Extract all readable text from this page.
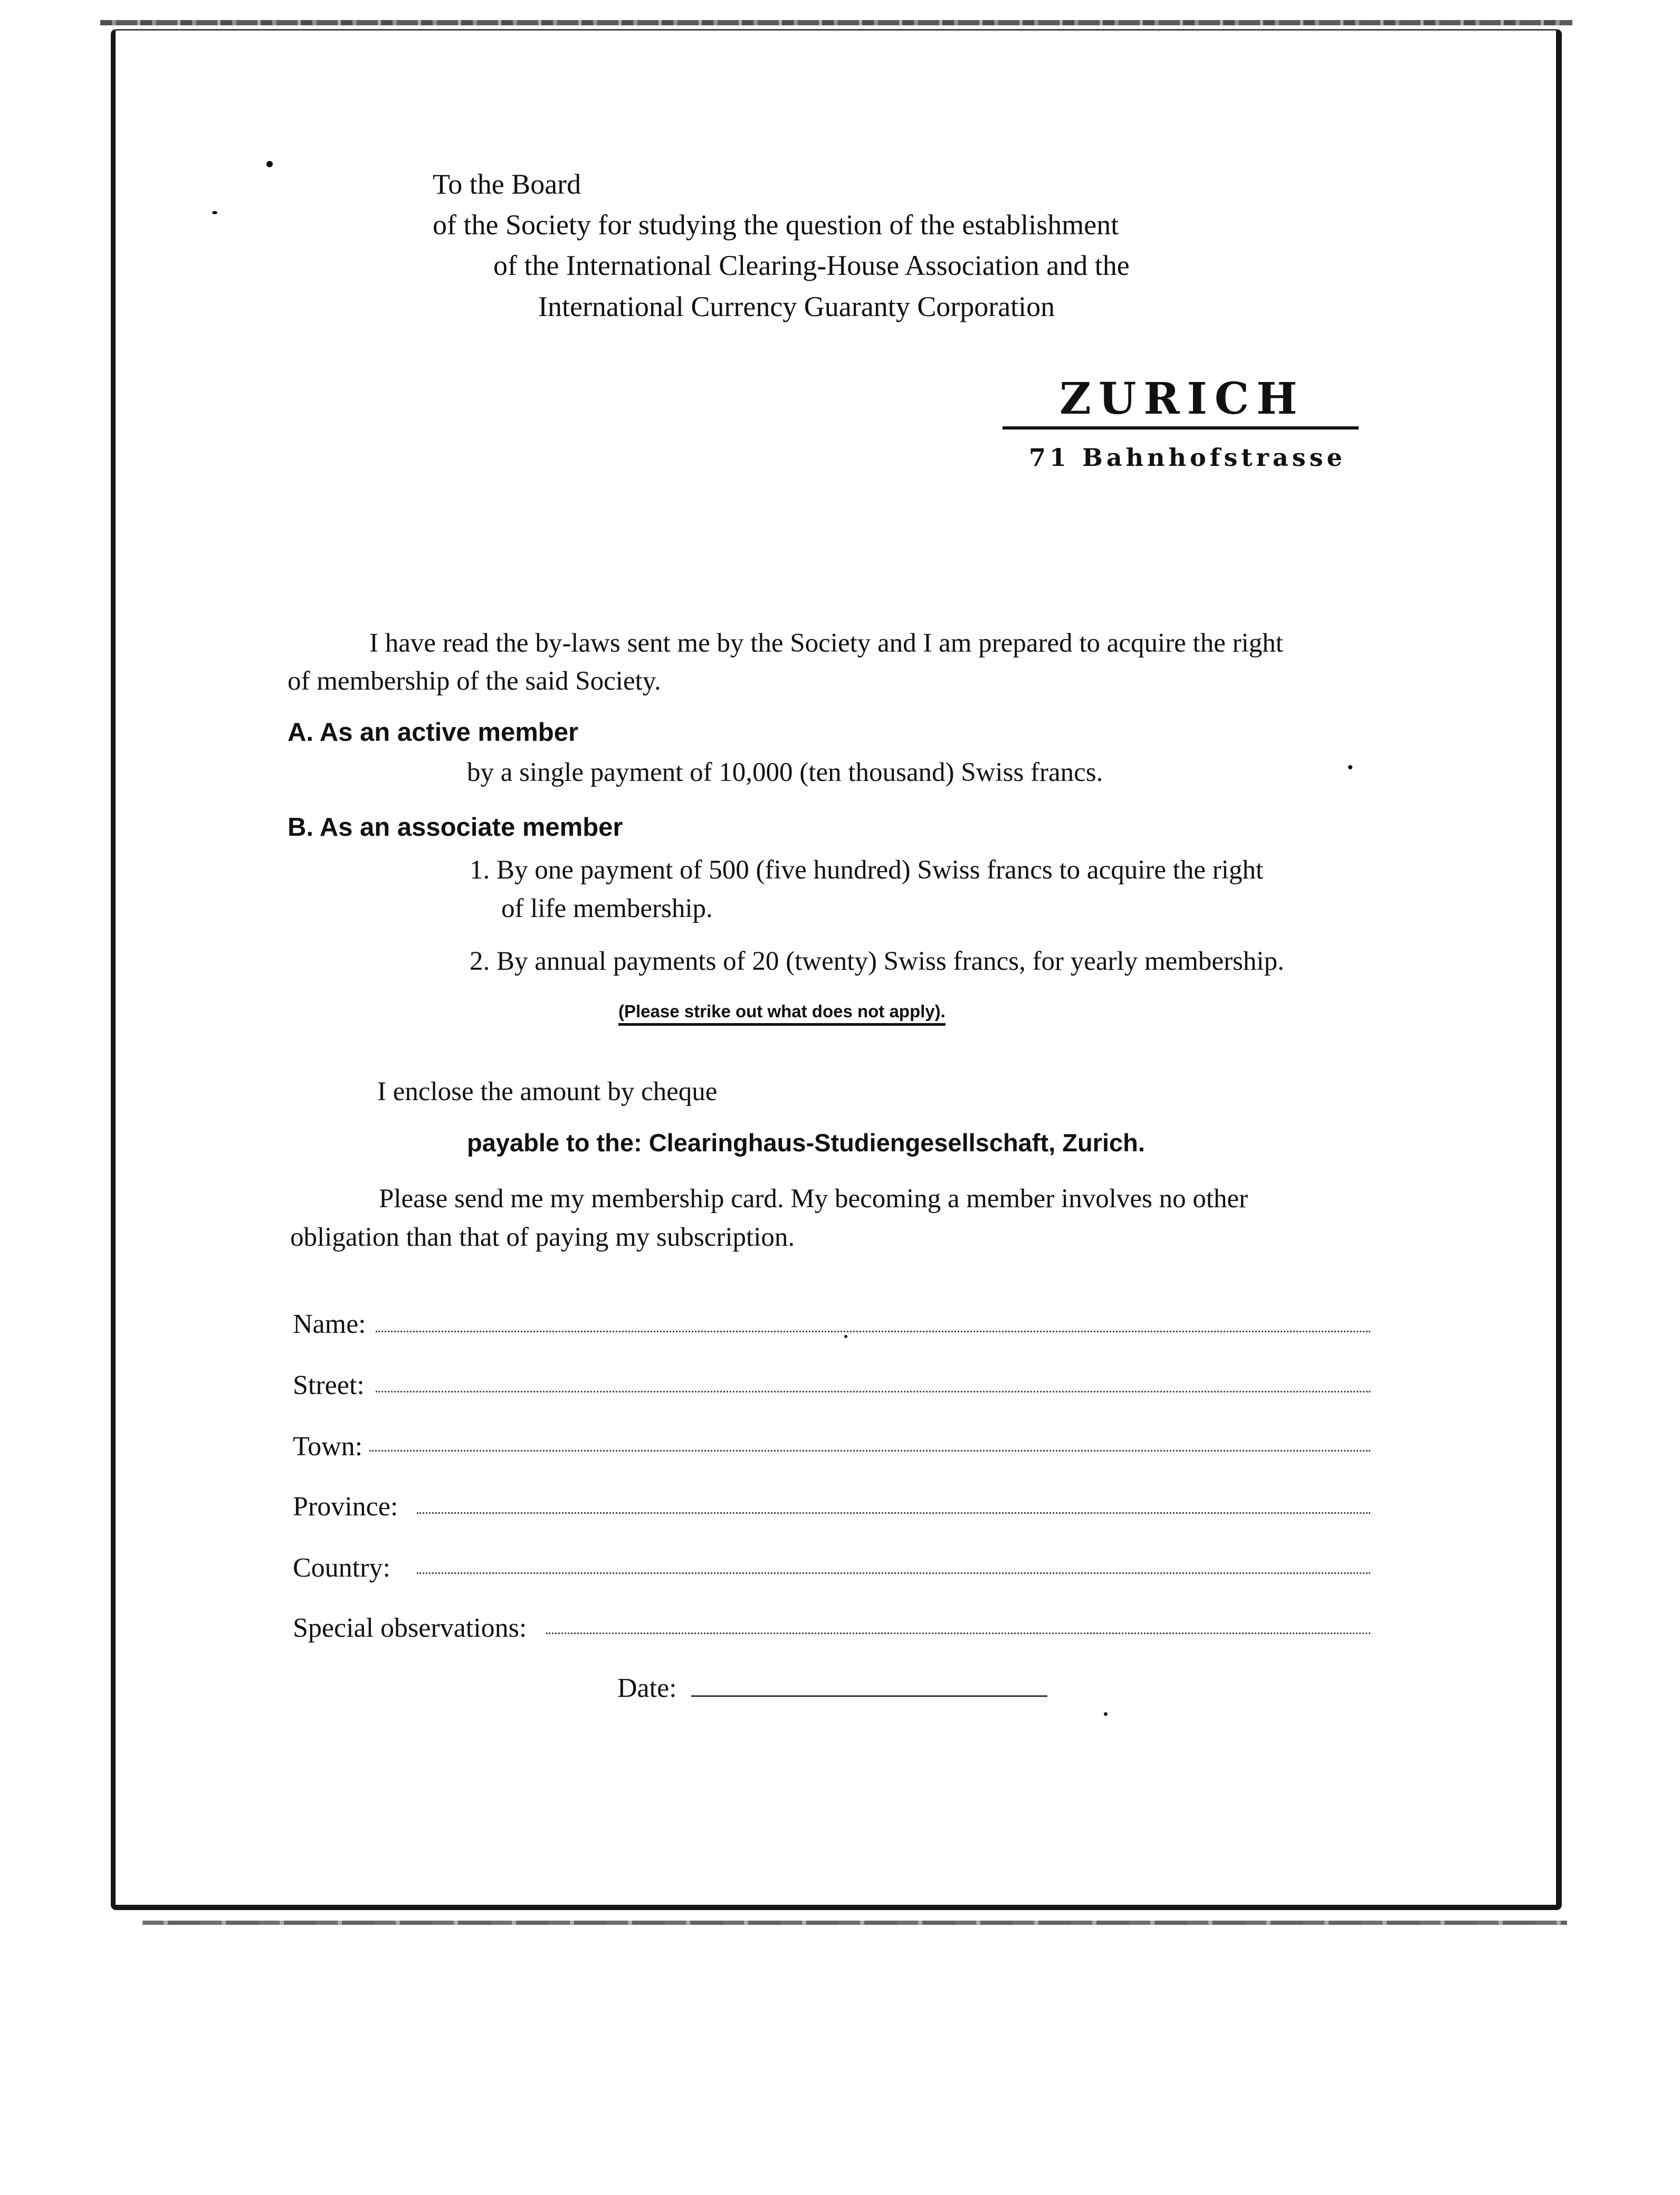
To the Board
of the Society for studying the question of the establishment
of the International Clearing-House Association and the
International Currency Guaranty Corporation
ZURICH
71 Bahnhofstrasse
I have read the by-laws sent me by the Society and I am prepared to acquire the right
of membership of the said Society.
A. As an active member
by a single payment of 10,000 (ten thousand) Swiss francs.
B. As an associate member
1. By one payment of 500 (five hundred) Swiss francs to acquire the right
of life membership.
2. By annual payments of 20 (twenty) Swiss francs, for yearly membership.
(Please strike out what does not apply).
I enclose the amount by cheque
payable to the: Clearinghaus-Studiengesellschaft, Zurich.
Please send me my membership card. My becoming a member involves no other
obligation than that of paying my subscription.
Name:
Street:
Town:
Province:
Country:
Special observations:
Date:
